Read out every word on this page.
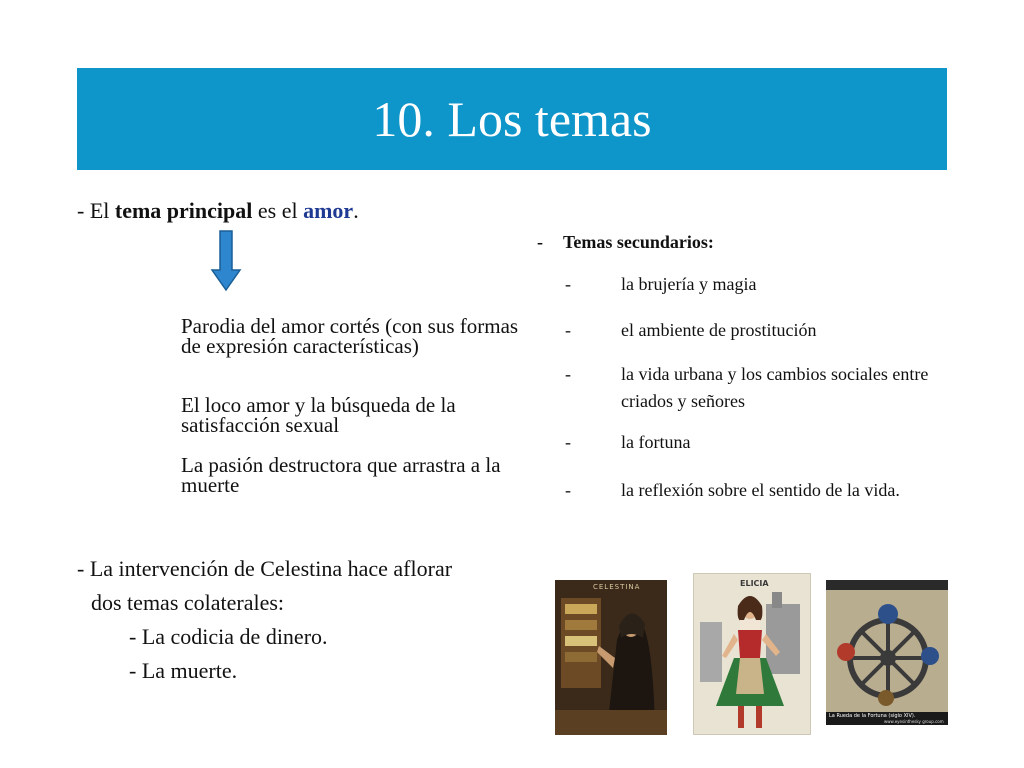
10. Los temas
- El tema principal es el amor.
Parodia del amor cortés (con sus formas de expresión características)
El loco amor y la búsqueda de la satisfacción sexual
La pasión destructora que arrastra a la muerte
- La intervención de Celestina hace aflorar
dos temas colaterales:
- La codicia de dinero.
- La muerte.
- Temas secundarios:
-	la brujería y magia
-	el ambiente de prostitución
-	la vida urbana y los cambios sociales entre criados y señores
-	la fortuna
-	la reflexión sobre el sentido de la vida.
CELESTINA	ELICIA
La Rueda de la Fortuna (siglo XIV).
www.eyesinthesky group.com
